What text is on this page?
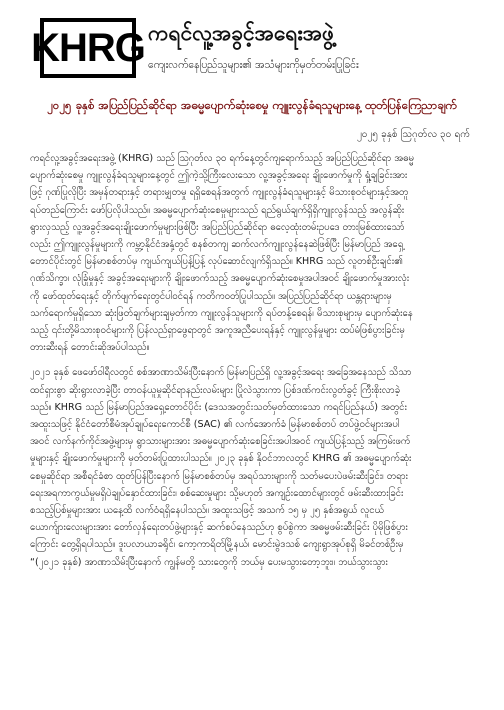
KHRG ကရင်လူ့အခွင့်အရေးအဖွဲ့
ကျေးလက်နေပြည်သူများ၏ အသံများကိုမှတ်တမ်းပြုခြင်း
၂၀၂၅ ခုနှစ် အပြည်ပြည်ဆိုင်ရာ အဓမ္မပျောက်ဆုံးစေမှု ကျူးလွန်ခံရသူများနေ့ ထုတ်ပြန်ကြေညာချက်
၂၀၂၅ ခုနှစ် ဩဂုတ်လ ၃၀ ရက်

ကရင်လူ့အခွင့်အရေးအဖွဲ့ (KHRG) သည် ဩဂုတ်လ ၃၀ ရက်နေ့တွင်ကျရောက်သည့် အပြည်ပြည်ဆိုင်ရာ အဓမ္မ
ပျောက်ဆုံးစေမှု ကျူးလွန်ခံရသူများနေ့တွင် ဤကဲ့သို့ကြီးလေးသော လူ့အခွင့်အရေး ချိုးဖောက်မှုကို ရှုံ့ချခြင်းအား
ဖြင့် ဂုဏ်ပြုလိုပြီး အမှန်တရားနှင့် တရားမျှတမှု ရရှိစေရန်အတွက် ကျူးလွန်ခံရသူများနှင့် မိသားစုဝင်များနှင့်အတူ
ရပ်တည်ကြောင်း ဖော်ပြလိုပါသည်။ အဓမ္မပျောက်ဆုံးစေမှုများသည် ရည်ရွယ်ချက်ရှိရှိကျူးလွန်သည့် အလွန်ဆိုး
ရွားလှသည့် လူ့အခွင့်အရေးချိုးဖောက်မှုများဖြစ်ပြီး အပြည်ပြည်ဆိုင်ရာ ဓလေ့ထုံးတမ်းဥပဒေ တားမြစ်ထားသော်
လည်း ဤကျူးလွန်မှုများကို ကမ္ဘာ့နိုင်ငံအနှံ့တွင် စနစ်တကျ ဆက်လက်ကျူးလွန်နေဆဲဖြစ်ပြီး မြန်မာပြည် အရှေ့
တောင်ပိုင်းတွင် မြန်မာစစ်တပ်မှ ကျယ်ကျယ်ပြန့်ပြန့် လုပ်ဆောင်လျက်ရှိသည်။ KHRG သည် လူတစ်ဦးချင်း၏
ဂုဏ်သိက္ခာ၊ လုံခြုံမှုနှင့် အခွင့်အရေးများကို ချိုးဖောက်သည့် အဓမ္မပျောက်ဆုံးစေမှုအပါအဝင် ချိုးဖောက်မှုအားလုံး
ကို ဖော်ထုတ်ရေးနှင့် တိုက်ဖျက်ရေးတွင်ပါဝင်ရန် ကတိကဝတ်ပြုပါသည်။ အပြည်ပြည်ဆိုင်ရာ ယန္တရားများမှ
သက်ရောက်မှုရှိသော ဆုံးဖြတ်ချက်များချမှတ်ကာ ကျူးလွန်သူများကို ရပ်တန့်စေရန်၊ မိသားစုများမှ ပျောက်ဆုံးနေ
သည့် ၎င်းတို့မိသားစုဝင်များကို ပြန်လည်ရှာဖွေရာတွင် အကူအညီပေးရန်နှင့် ကျူးလွန်မှုများ ထပ်မံဖြစ်ပွားခြင်းမှ
တားဆီးရန် တောင်းဆိုအပ်ပါသည်။

၂၀၂၁ ခုနှစ် ဖေဖော်ဝါရီလတွင် စစ်အာဏာသိမ်းပြီးနောက် မြန်မာပြည်ရှိ လူ့အခွင့်အရေး အခြေအနေသည် သိသာ
ထင်ရှားစွာ ဆိုးရွားလာခဲ့ပြီး တာဝန်ယူမှုဆိုင်ရာနည်းလမ်းများ ပြိုလဲသွားကာ ပြစ်ဒဏ်ကင်းလွတ်ခွင့် ကြီးစိုးလာခဲ့
သည်။ KHRG သည် မြန်မာပြည်အရှေ့တောင်ပိုင်း (ဒေသအတွင်းသတ်မှတ်ထားသော ကရင်ပြည်နယ်) အတွင်း
အထူးသဖြင့် နိုင်ငံတော်စီမံအုပ်ချုပ်ရေးကောင်စီ (SAC) ၏ လက်အောက်ခံ မြန်မာစစ်တပ် တပ်ဖွဲ့ဝင်များအပါ
အဝင် လက်နက်ကိုင်အဖွဲ့များမှ ရွာသားများအား အဓမ္မပျောက်ဆုံးစေခြင်းအပါအဝင် ကျယ်ပြန့်သည့် အကြမ်းဖက်
မှုများနှင့် ချိုးဖောက်မှုများကို မှတ်တမ်းပြုထားပါသည်။ ၂၀၂၃ ခုနှစ် နိုဝင်ဘာလတွင် KHRG ၏ အဓမ္မပျောက်ဆုံး
စေမှုဆိုင်ရာ အစီရင်ခံစာ ထုတ်ပြန်ပြီးနောက် မြန်မာစစ်တပ်မှ အရပ်သားများကို သတ်မပေးပဲဖမ်းဆီးခြင်း၊ တရား
ရေးအရကာကွယ်မှုမရှိပဲချုပ်နှောင်ထားခြင်း၊ စစ်ဆေးမှုများ သို့မဟုတ် အကျဉ်းထောင်များတွင် ဖမ်းဆီးထားခြင်း
စသည့်ပြစ်မှုများအား ယနေ့ထိ လက်ဝံရရှိနေပါသည်။ အထူးသဖြင့် အသက် ၁၅ မှ ၂၅ နှစ်အရွယ် လူငယ်
ယောက်ျားလေးများအား တော်လှန်ရေးတပ်ဖွဲ့များနှင့် ဆက်စပ်နေသည်ဟု စွပ်စွဲကာ အဓမ္မဖမ်းဆီးခြင်း ပိုမိုဖြစ်ပွား
ကြောင်း တွေ့ရှိရပါသည်။ ဒူးပလာယာခရိုင်၊ ကော့ကာရိတ်မြို့နယ်၊ မောင်းမွဲဒသစ် ကျေးရွာအုပ်စုရှိ မိခင်တစ်ဦးမှ
“(၂၀၂၁ ခုနှစ်) အာဏာသိမ်းပြီးနောက် ကျွန်မတို့ သားတွေကို ဘယ်မှ ပေးမသွားတော့ဘူး။ ဘယ်သွားသွား
